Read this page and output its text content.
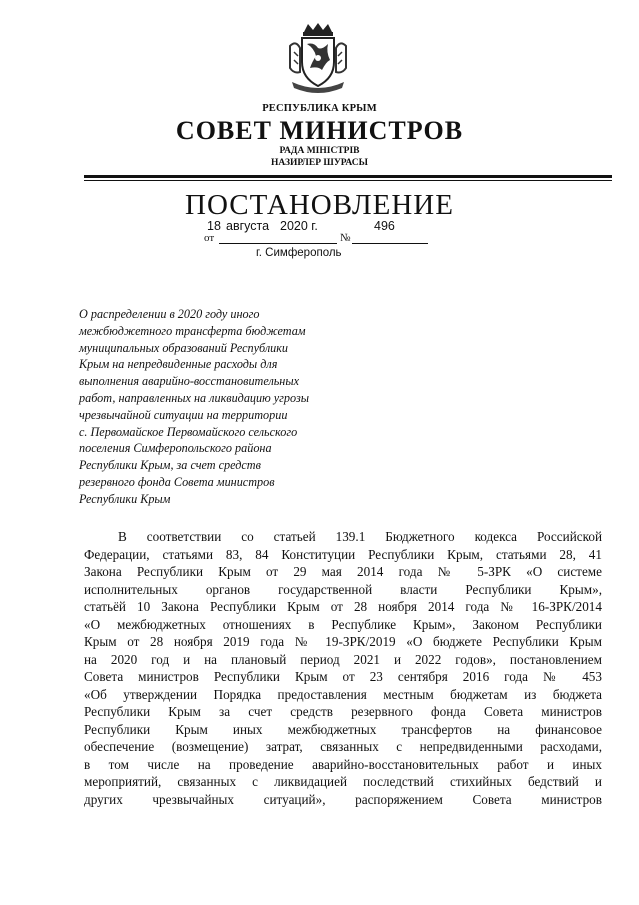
РЕСПУБЛИКА КРЫМ
СОВЕТ МИНИСТРОВ
РАДА МІНІСТРІВ
НАЗИРЛЕР ШУРАСЫ
ПОСТАНОВЛЕНИЕ
18 августа 2020 г.	496
от	№
г. Симферополь
О распределении в 2020 году иного
межбюджетного трансферта бюджетам
муниципальных образований Республики
Крым на непредвиденные расходы для
выполнения аварийно-восстановительных
работ, направленных на ликвидацию угрозы
чрезвычайной ситуации на территории
с. Первомайское Первомайского сельского
поселения Симферопольского района
Республики Крым, за счет средств
резервного фонда Совета министров
Республики Крым
В соответствии со статьей 139.1 Бюджетного кодекса Российской
Федерации, статьями 83, 84 Конституции Республики Крым, статьями 28, 41
Закона Республики Крым от 29 мая 2014 года № 5-ЗРК «О системе
исполнительных органов государственной власти Республики Крым»,
статьёй 10 Закона Республики Крым от 28 ноября 2014 года № 16-ЗРК/2014
«О межбюджетных отношениях в Республике Крым», Законом Республики
Крым от 28 ноября 2019 года № 19-ЗРК/2019 «О бюджете Республики Крым
на 2020 год и на плановый период 2021 и 2022 годов», постановлением
Совета министров Республики Крым от 23 сентября 2016 года № 453
«Об утверждении Порядка предоставления местным бюджетам из бюджета
Республики Крым за счет средств резервного фонда Совета министров
Республики Крым иных межбюджетных трансфертов на финансовое
обеспечение (возмещение) затрат, связанных с непредвиденными расходами,
в том числе на проведение аварийно-восстановительных работ и иных
мероприятий, связанных с ликвидацией последствий стихийных бедствий и
других чрезвычайных ситуаций», распоряжением Совета министров
